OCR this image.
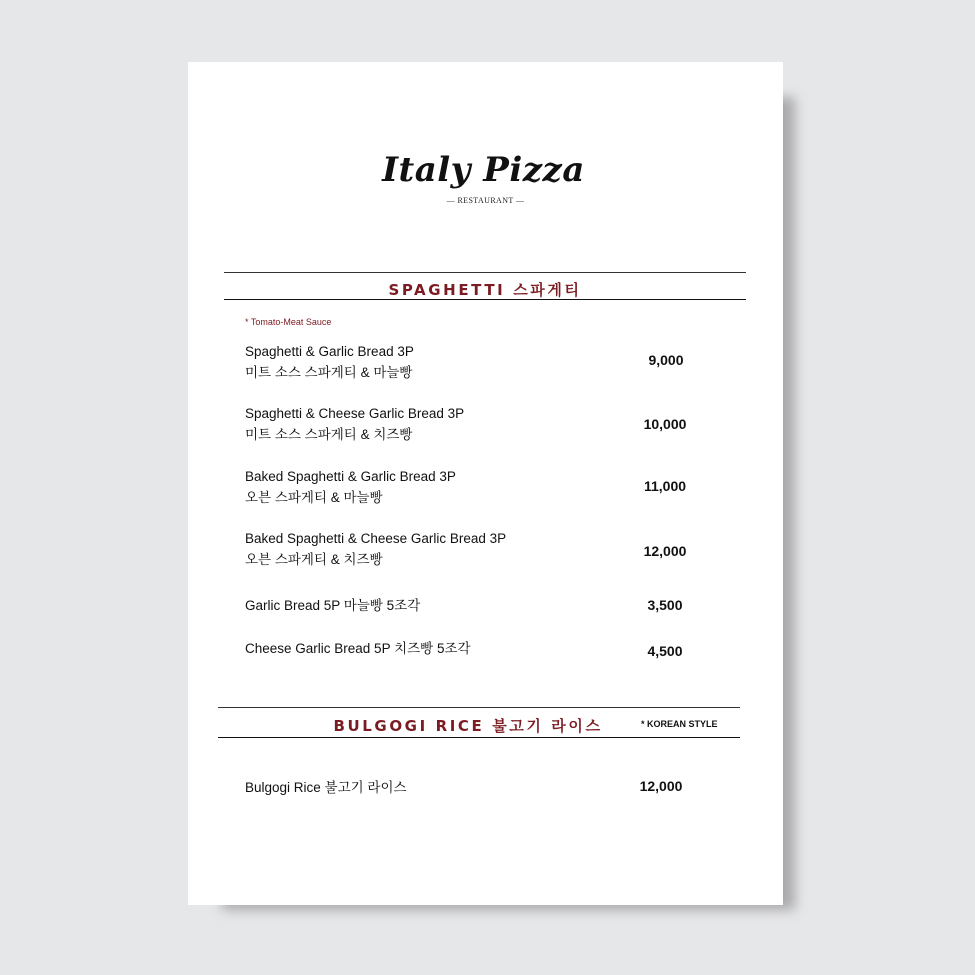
Italy Pizza
— RESTAURANT —
SPAGHETTI 스파게티
* Tomato-Meat Sauce
Spaghetti & Garlic Bread 3P
미트 소스 스파게티 & 마늘빵
9,000
Spaghetti & Cheese Garlic Bread 3P
미트 소스 스파게티 & 치즈빵
10,000
Baked Spaghetti & Garlic Bread 3P
오븐 스파게티 & 마늘빵
11,000
Baked Spaghetti & Cheese Garlic Bread 3P
오븐 스파게티 & 치즈빵
12,000
Garlic Bread 5P 마늘빵 5조각	3,500
Cheese Garlic Bread 5P 치즈빵 5조각	4,500
BULGOGI RICE 불고기 라이스	* KOREAN STYLE
Bulgogi Rice 불고기 라이스	12,000
